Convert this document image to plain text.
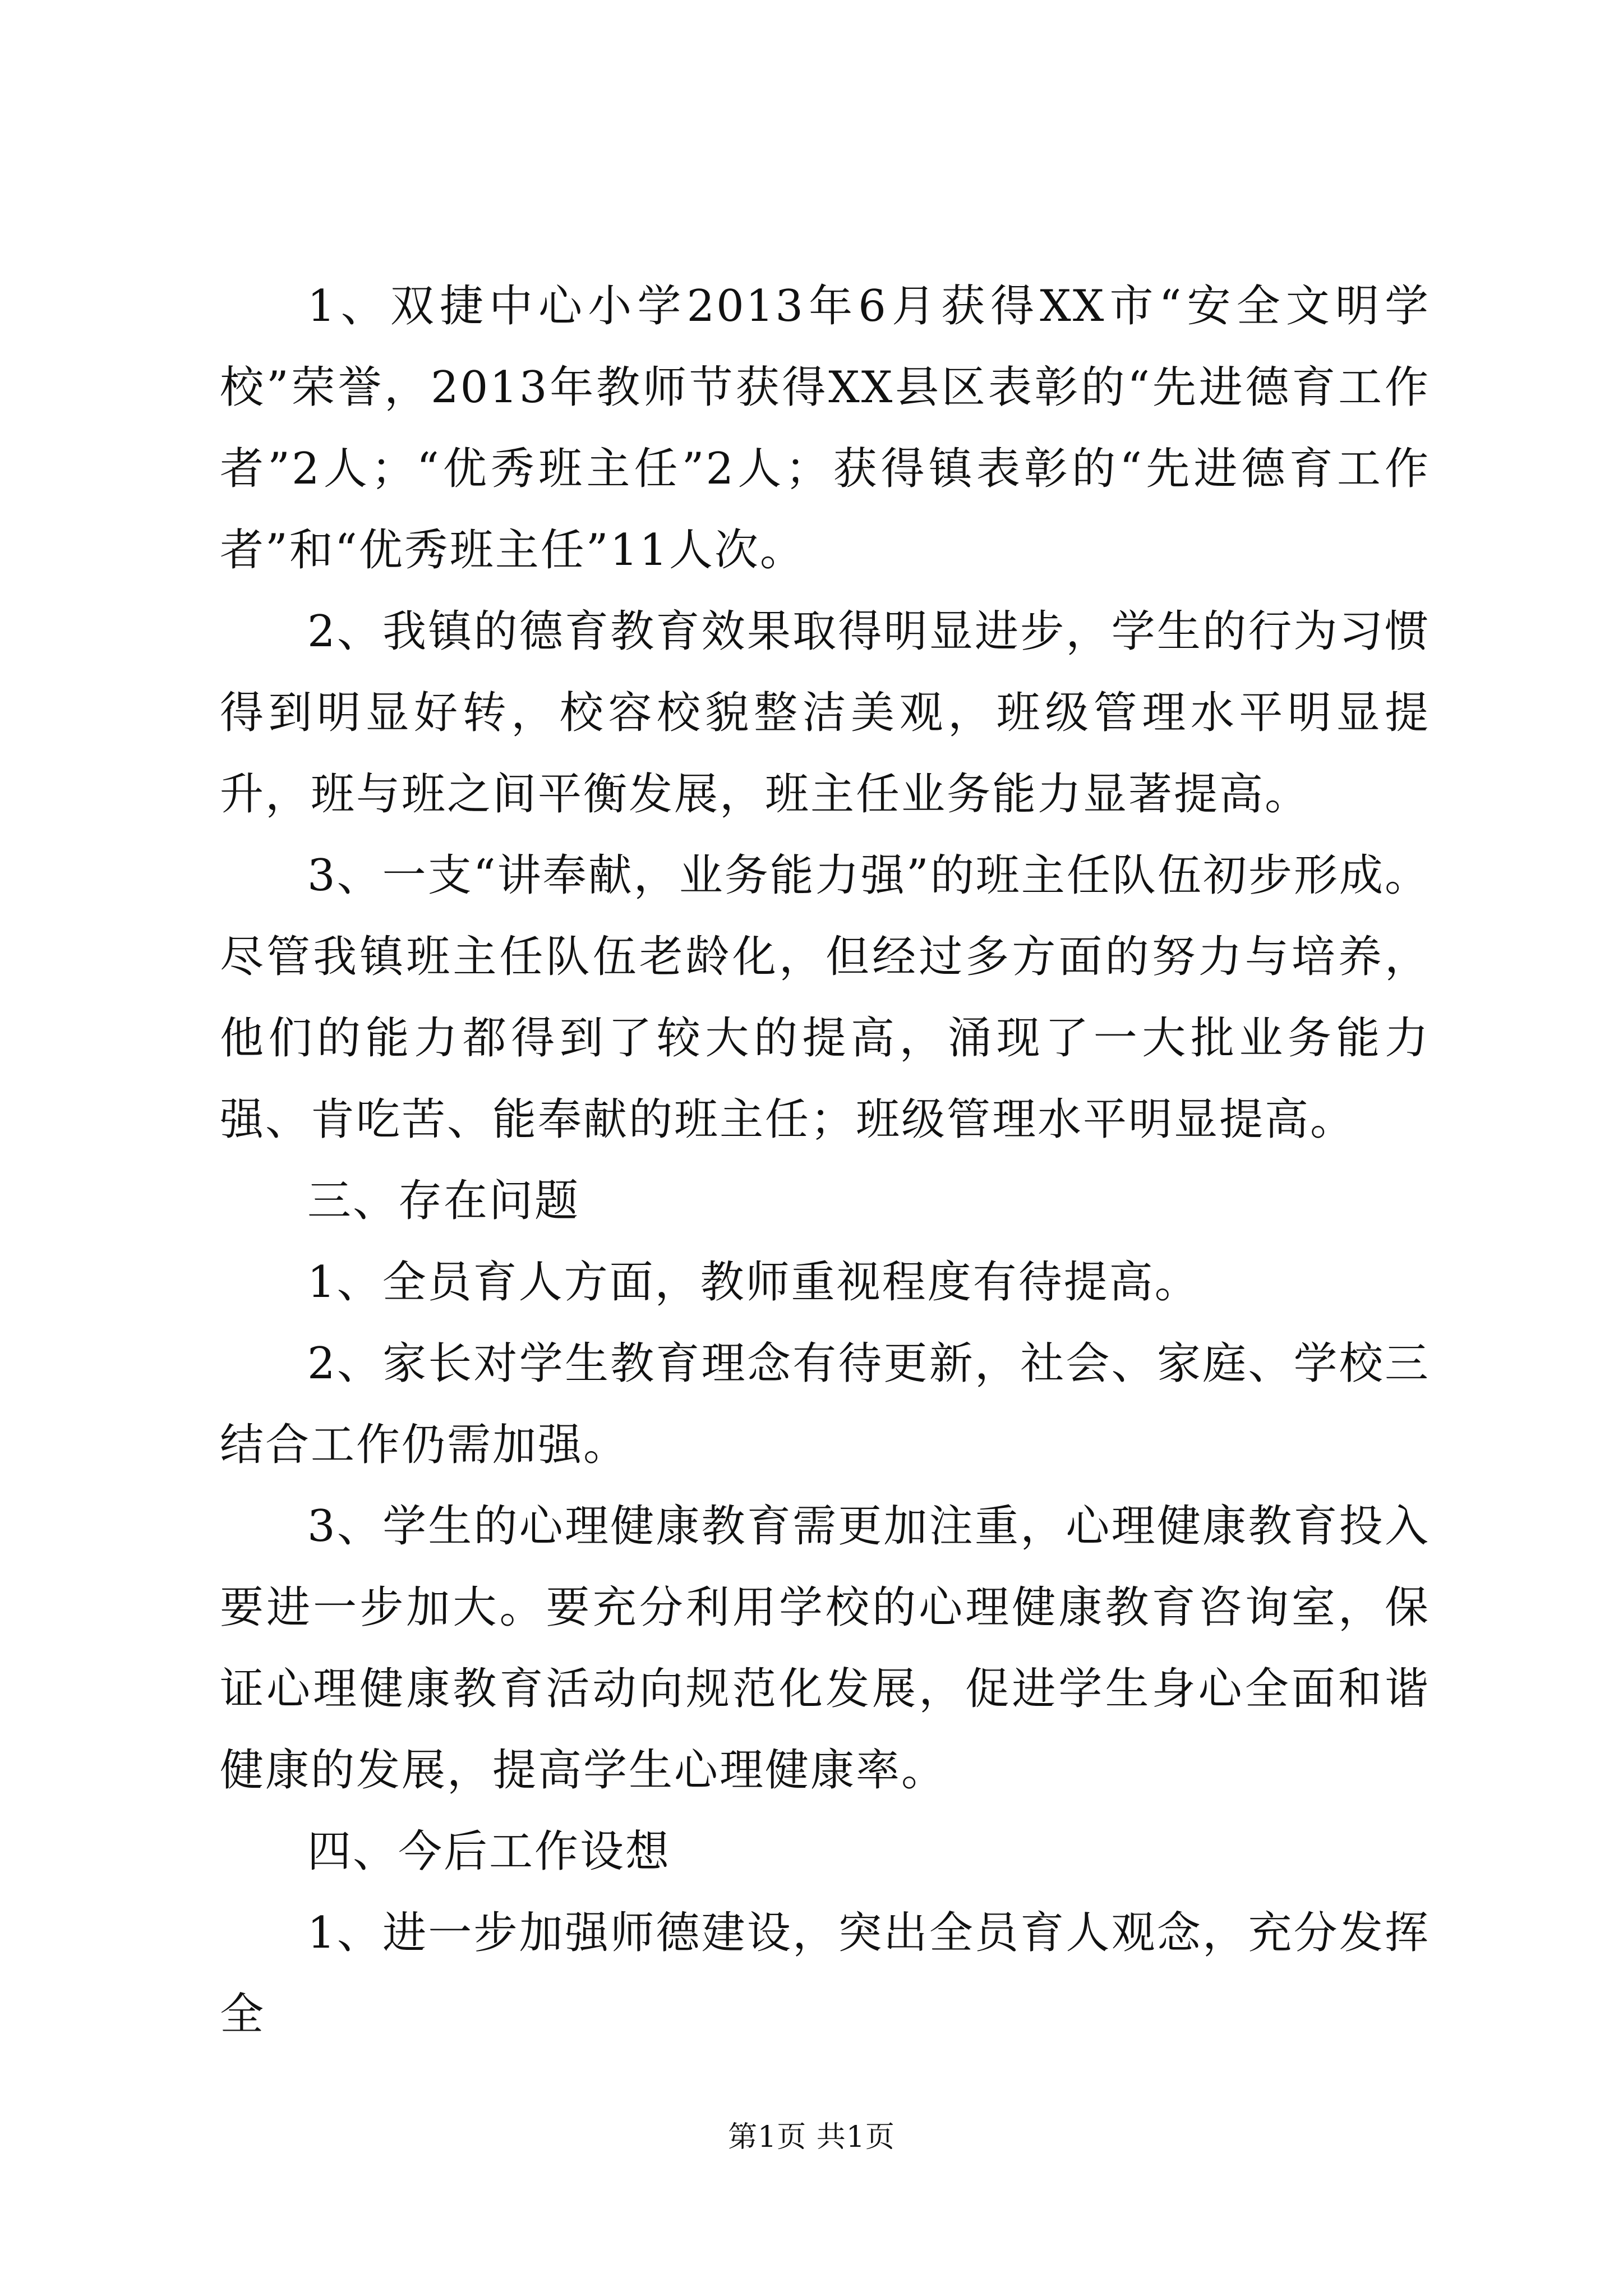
1、双捷中心小学2013年6月获得XX市“安全文明学校”荣誉，2013年教师节获得XX县区表彰的“先进德育工作者”2人；“优秀班主任”2人；获得镇表彰的“先进德育工作者”和“优秀班主任”11人次。

2、我镇的德育教育效果取得明显进步，学生的行为习惯得到明显好转，校容校貌整洁美观，班级管理水平明显提升，班与班之间平衡发展，班主任业务能力显著提高。

3、一支“讲奉献，业务能力强”的班主任队伍初步形成。尽管我镇班主任队伍老龄化，但经过多方面的努力与培养，他们的能力都得到了较大的提高，涌现了一大批业务能力强、肯吃苦、能奉献的班主任；班级管理水平明显提高。

三、存在问题

1、全员育人方面，教师重视程度有待提高。

2、家长对学生教育理念有待更新，社会、家庭、学校三结合工作仍需加强。

3、学生的心理健康教育需更加注重，心理健康教育投入要进一步加大。要充分利用学校的心理健康教育咨询室，保证心理健康教育活动向规范化发展，促进学生身心全面和谐健康的发展，提高学生心理健康率。

四、今后工作设想

1、进一步加强师德建设，突出全员育人观念，充分发挥全

第1页 共1页
